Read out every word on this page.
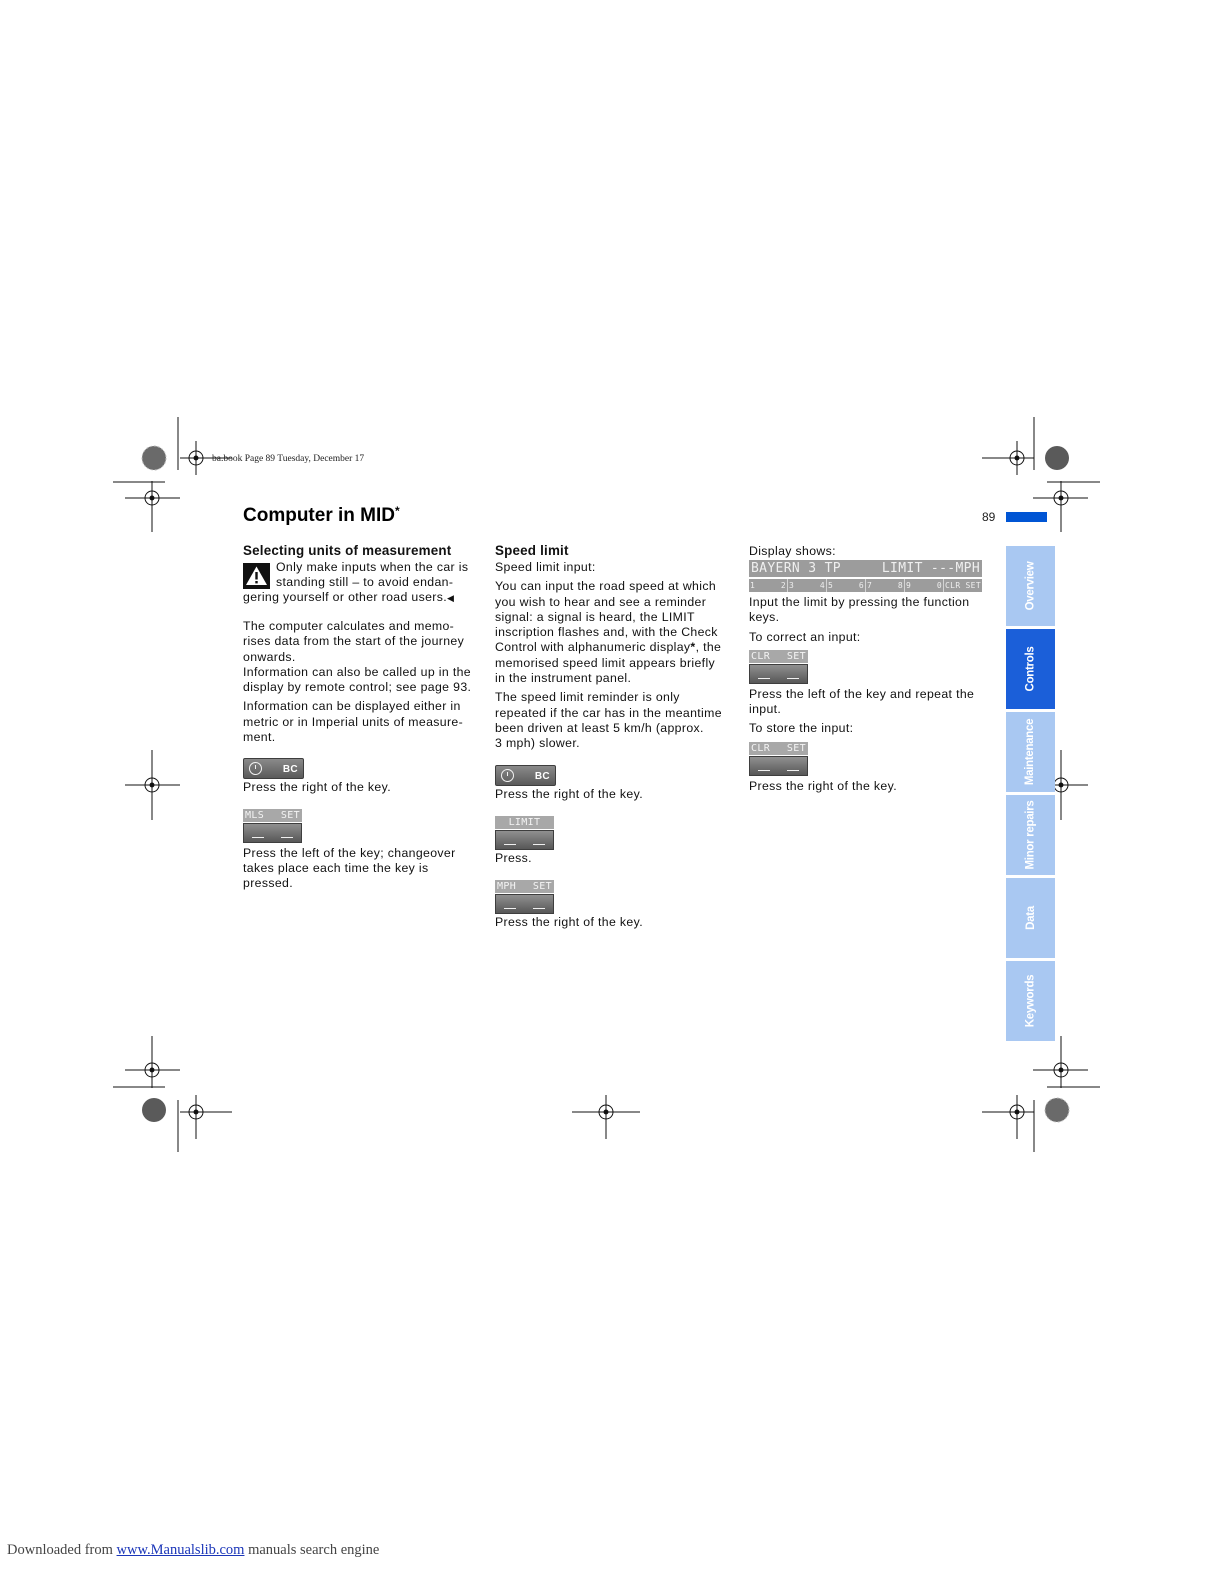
ba.book Page 89 Tuesday, December 17
Computer in MID*	89
Selecting units of measurement

Only make inputs when the car is

standing still – to avoid endan-

gering yourself or other road users.◀

The computer calculates and memo-
rises data from the start of the journey
onwards.

Information can also be called up in the
display by remote control; see page 93.

Information can be displayed either in
metric or in Imperial units of measure-
ment.

BC

Press the right of the key.

MLS SET

Press the left of the key; changeover
takes place each time the key is
pressed.

Speed limit

Speed limit input:

You can input the road speed at which
you wish to hear and see a reminder
signal: a signal is heard, the LIMIT
inscription flashes and, with the Check
Control with alphanumeric display*, the
memorised speed limit appears briefly
in the instrument panel.

The speed limit reminder is only
repeated if the car has in the meantime
been driven at least 5 km/h (approx.
3 mph) slower.

BC

Press the right of the key.

LIMIT

Press.

MPH SET

Press the right of the key.

Display shows:

BAYERN 3 TP	LIMIT ---MPH
1	2 3	4 5	6 7	8 9	0 CLR SET

Input the limit by pressing the function
keys.

To correct an input:

CLR SET

Press the left of the key and repeat the
input.

To store the input:

CLR SET

Press the right of the key.

Overview
Controls
Maintenance
Minor repairs
Data
Keywords
Downloaded from www.Manualslib.com manuals search engine
